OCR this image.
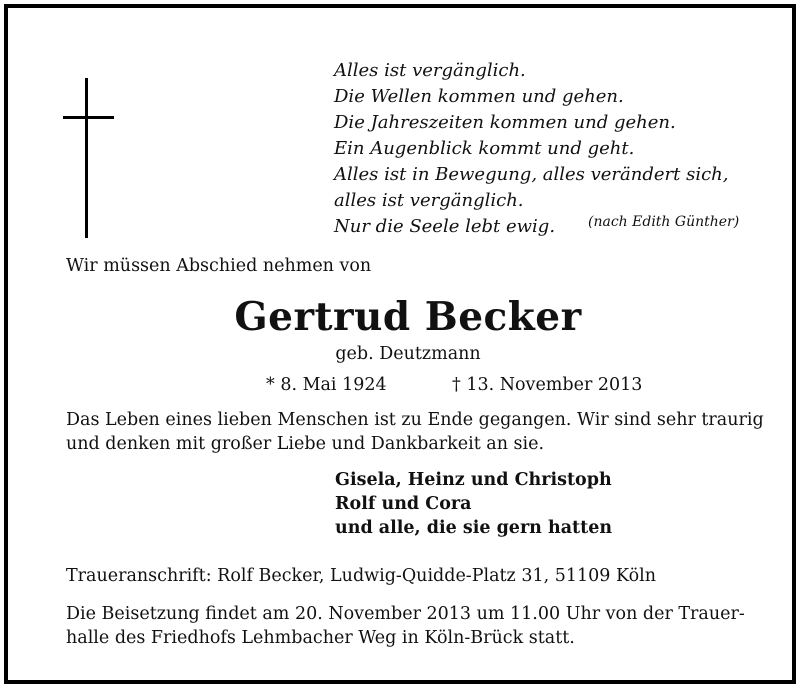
Alles ist vergänglich.
Die Wellen kommen und gehen.
Die Jahreszeiten kommen und gehen.
Ein Augenblick kommt und geht.
Alles ist in Bewegung, alles verändert sich,
alles ist vergänglich.
Nur die Seele lebt ewig.	(nach Edith Günther)
Wir müssen Abschied nehmen von
Gertrud Becker
geb. Deutzmann
* 8. Mai 1924	† 13. November 2013
Das Leben eines lieben Menschen ist zu Ende gegangen. Wir sind sehr traurig
und denken mit großer Liebe und Dankbarkeit an sie.
Gisela, Heinz und Christoph
Rolf und Cora
und alle, die sie gern hatten
Traueranschrift: Rolf Becker, Ludwig-Quidde-Platz 31, 51109 Köln
Die Beisetzung findet am 20. November 2013 um 11.00 Uhr von der Trauer-
halle des Friedhofs Lehmbacher Weg in Köln-Brück statt.
